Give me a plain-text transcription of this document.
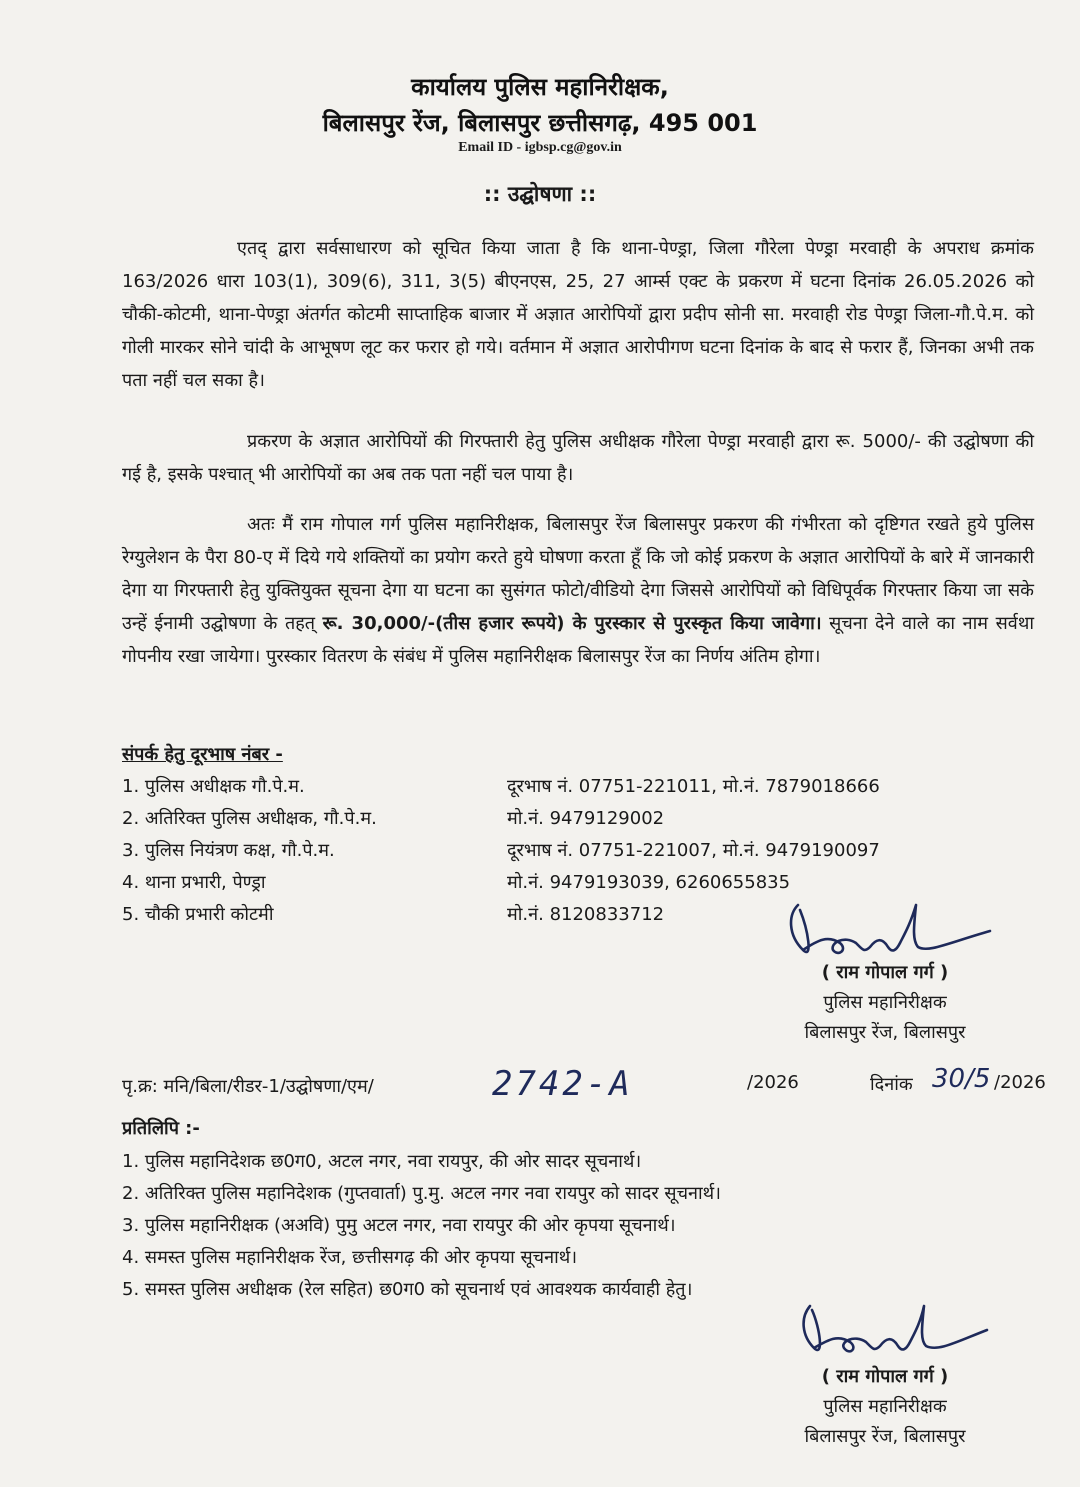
कार्यालय पुलिस महानिरीक्षक,
बिलासपुर रेंज, बिलासपुर छत्तीसगढ़, 495 001
Email ID - igbsp.cg@gov.in
:: उद्घोषणा ::

एतद् द्वारा सर्वसाधारण को सूचित किया जाता है कि थाना-पेण्ड्रा, जिला गौरेला पेण्ड्रा मरवाही के अपराध क्रमांक 163/2026 धारा 103(1), 309(6), 311, 3(5) बीएनएस, 25, 27 आर्म्स एक्ट के प्रकरण में घटना दिनांक 26.05.2026 को चौकी-कोटमी, थाना-पेण्ड्रा अंतर्गत कोटमी साप्ताहिक बाजार में अज्ञात आरोपियों द्वारा प्रदीप सोनी सा. मरवाही रोड पेण्ड्रा जिला-गौ.पे.म. को गोली मारकर सोने चांदी के आभूषण लूट कर फरार हो गये। वर्तमान में अज्ञात आरोपीगण घटना दिनांक के बाद से फरार हैं, जिनका अभी तक पता नहीं चल सका है।

प्रकरण के अज्ञात आरोपियों की गिरफ्तारी हेतु पुलिस अधीक्षक गौरेला पेण्ड्रा मरवाही द्वारा रू. 5000/- की उद्घोषणा की गई है, इसके पश्चात् भी आरोपियों का अब तक पता नहीं चल पाया है।

अतः मैं राम गोपाल गर्ग पुलिस महानिरीक्षक, बिलासपुर रेंज बिलासपुर प्रकरण की गंभीरता को दृष्टिगत रखते हुये पुलिस रेग्युलेशन के पैरा 80-ए में दिये गये शक्तियों का प्रयोग करते हुये घोषणा करता हूँ कि जो कोई प्रकरण के अज्ञात आरोपियों के बारे में जानकारी देगा या गिरफ्तारी हेतु युक्तियुक्त सूचना देगा या घटना का सुसंगत फोटो/वीडियो देगा जिससे आरोपियों को विधिपूर्वक गिरफ्तार किया जा सके उन्हें ईनामी उद्घोषणा के तहत् रू. 30,000/-(तीस हजार रूपये) के पुरस्कार से पुरस्कृत किया जावेगा। सूचना देने वाले का नाम सर्वथा गोपनीय रखा जायेगा। पुरस्कार वितरण के संबंध में पुलिस महानिरीक्षक बिलासपुर रेंज का निर्णय अंतिम होगा।

संपर्क हेतु दूरभाष नंबर -
1. पुलिस अधीक्षक गौ.पे.म.	दूरभाष नं. 07751-221011, मो.नं. 7879018666
2. अतिरिक्त पुलिस अधीक्षक, गौ.पे.म.	मो.नं. 9479129002
3. पुलिस नियंत्रण कक्ष, गौ.पे.म.	दूरभाष नं. 07751-221007, मो.नं. 9479190097
4. थाना प्रभारी, पेण्ड्रा	मो.नं. 9479193039, 6260655835
5. चौकी प्रभारी कोटमी	मो.नं. 8120833712
( राम गोपाल गर्ग )
पुलिस महानिरीक्षक
बिलासपुर रेंज, बिलासपुर
पृ.क्र: मनि/बिला/रीडर-1/उद्घोषणा/एम/	2742-A	/2026	दिनांक 30/5 /2026
प्रतिलिपि :-
1. पुलिस महानिदेशक छ0ग0, अटल नगर, नवा रायपुर, की ओर सादर सूचनार्थ।
2. अतिरिक्त पुलिस महानिदेशक (गुप्तवार्ता) पु.मु. अटल नगर नवा रायपुर को सादर सूचनार्थ।
3. पुलिस महानिरीक्षक (अअवि) पुमु अटल नगर, नवा रायपुर की ओर कृपया सूचनार्थ।
4. समस्त पुलिस महानिरीक्षक रेंज, छत्तीसगढ़ की ओर कृपया सूचनार्थ।
5. समस्त पुलिस अधीक्षक (रेल सहित) छ0ग0 को सूचनार्थ एवं आवश्यक कार्यवाही हेतु।
( राम गोपाल गर्ग )
पुलिस महानिरीक्षक
बिलासपुर रेंज, बिलासपुर
